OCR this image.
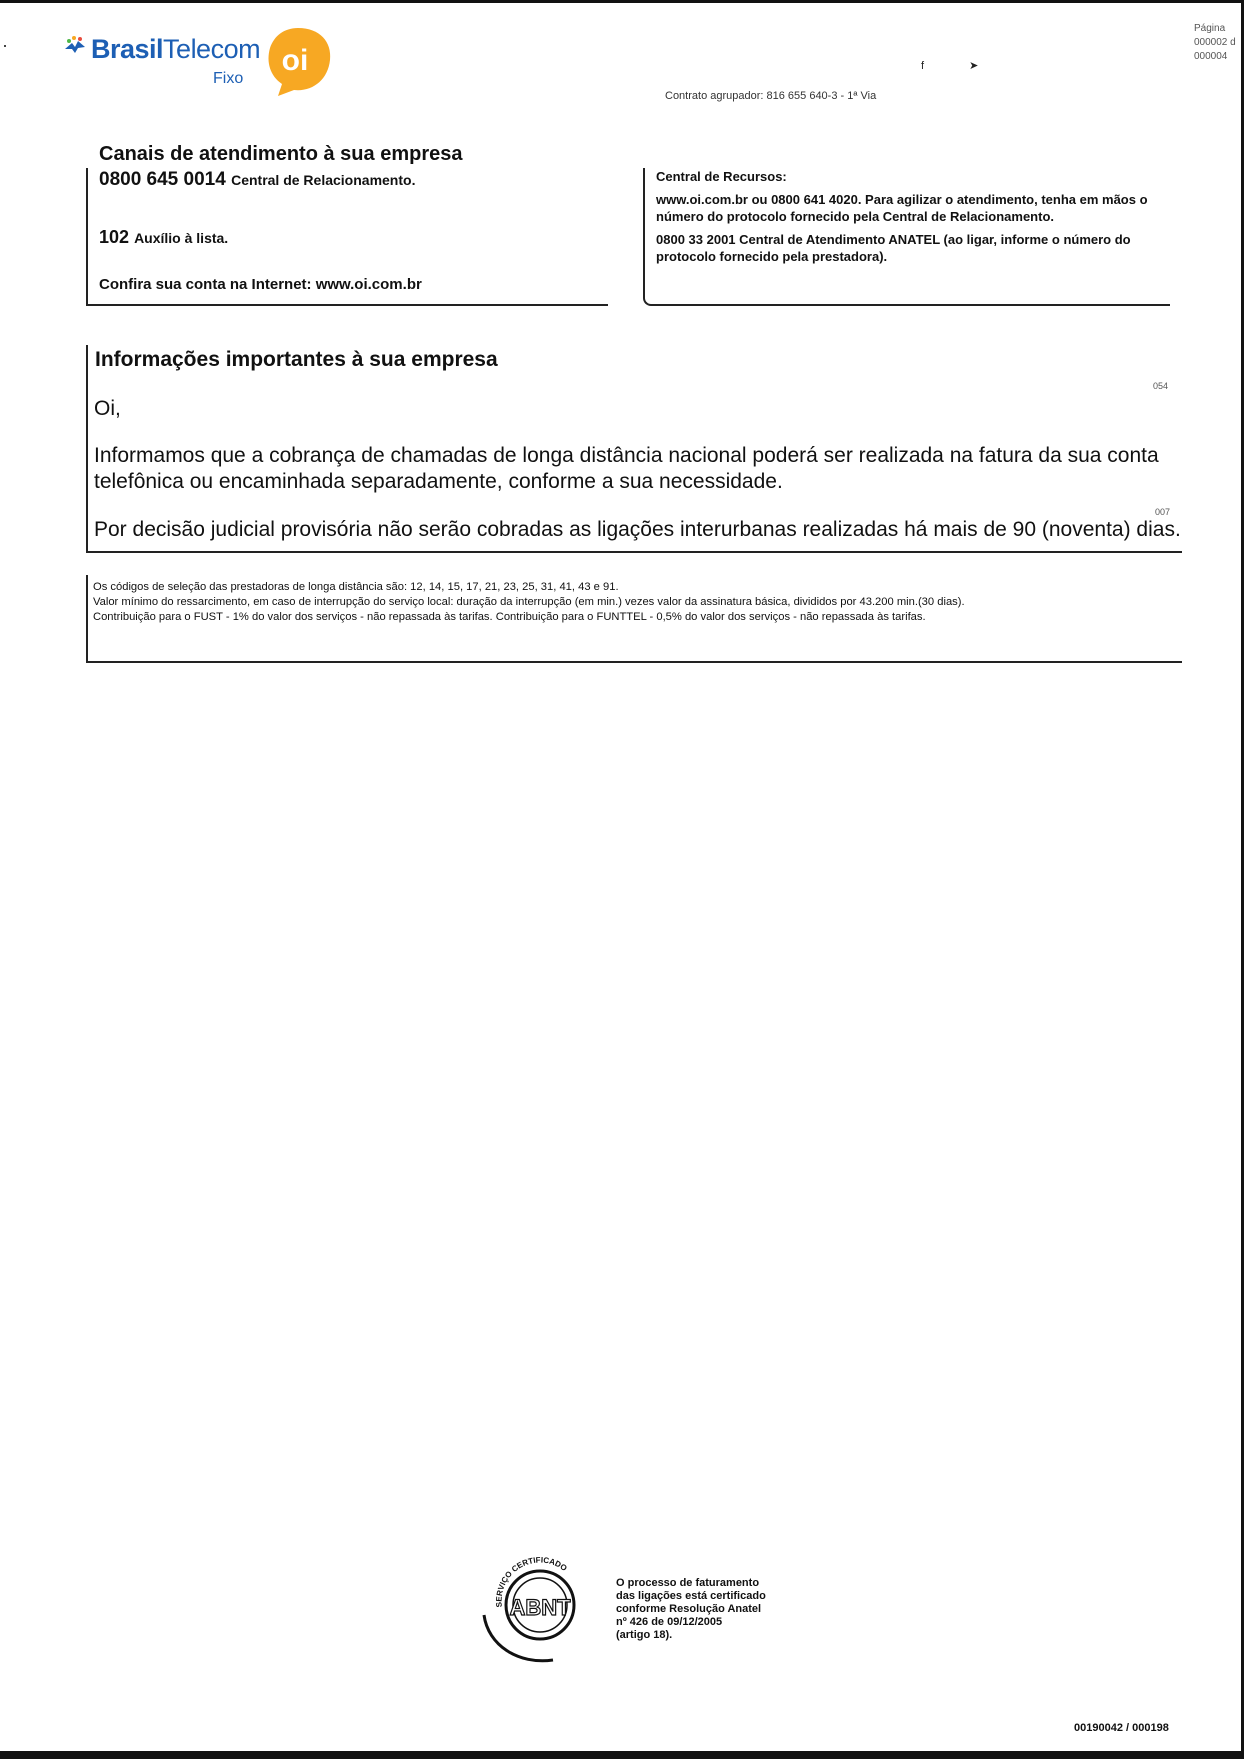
BrasilTelecom
Fixo
oi
Página
000002 d
000004
f	➤
Contrato agrupador: 816 655 640-3 - 1ª Via
Canais de atendimento à sua empresa
0800 645 0014 Central de Relacionamento.
102 Auxílio à lista.
Confira sua conta na Internet: www.oi.com.br

Central de Recursos:

www.oi.com.br ou 0800 641 4020. Para agilizar o atendimento, tenha em mãos o número do protocolo fornecido pela Central de Relacionamento.

0800 33 2001 Central de Atendimento ANATEL (ao ligar, informe o número do protocolo fornecido pela prestadora).

Informações importantes à sua empresa
054
Oi,
Informamos que a cobrança de chamadas de longa distância nacional poderá ser realizada na fatura da sua conta telefônica ou encaminhada separadamente, conforme a sua necessidade.
007
Por decisão judicial provisória não serão cobradas as ligações interurbanas realizadas há mais de 90 (noventa) dias.
Os códigos de seleção das prestadoras de longa distância são: 12, 14, 15, 17, 21, 23, 25, 31, 41, 43 e 91.
Valor mínimo do ressarcimento, em caso de interrupção do serviço local: duração da interrupção (em min.) vezes valor da assinatura básica, divididos por 43.200 min.(30 dias).
Contribuição para o FUST - 1% do valor dos serviços - não repassada às tarifas. Contribuição para o FUNTTEL - 0,5% do valor dos serviços - não repassada às tarifas.
SERVIÇO CERTIFICADO
ABNT
O processo de faturamento
das ligações está certificado
conforme Resolução Anatel
nº 426 de 09/12/2005
(artigo 18).
00190042 / 000198
